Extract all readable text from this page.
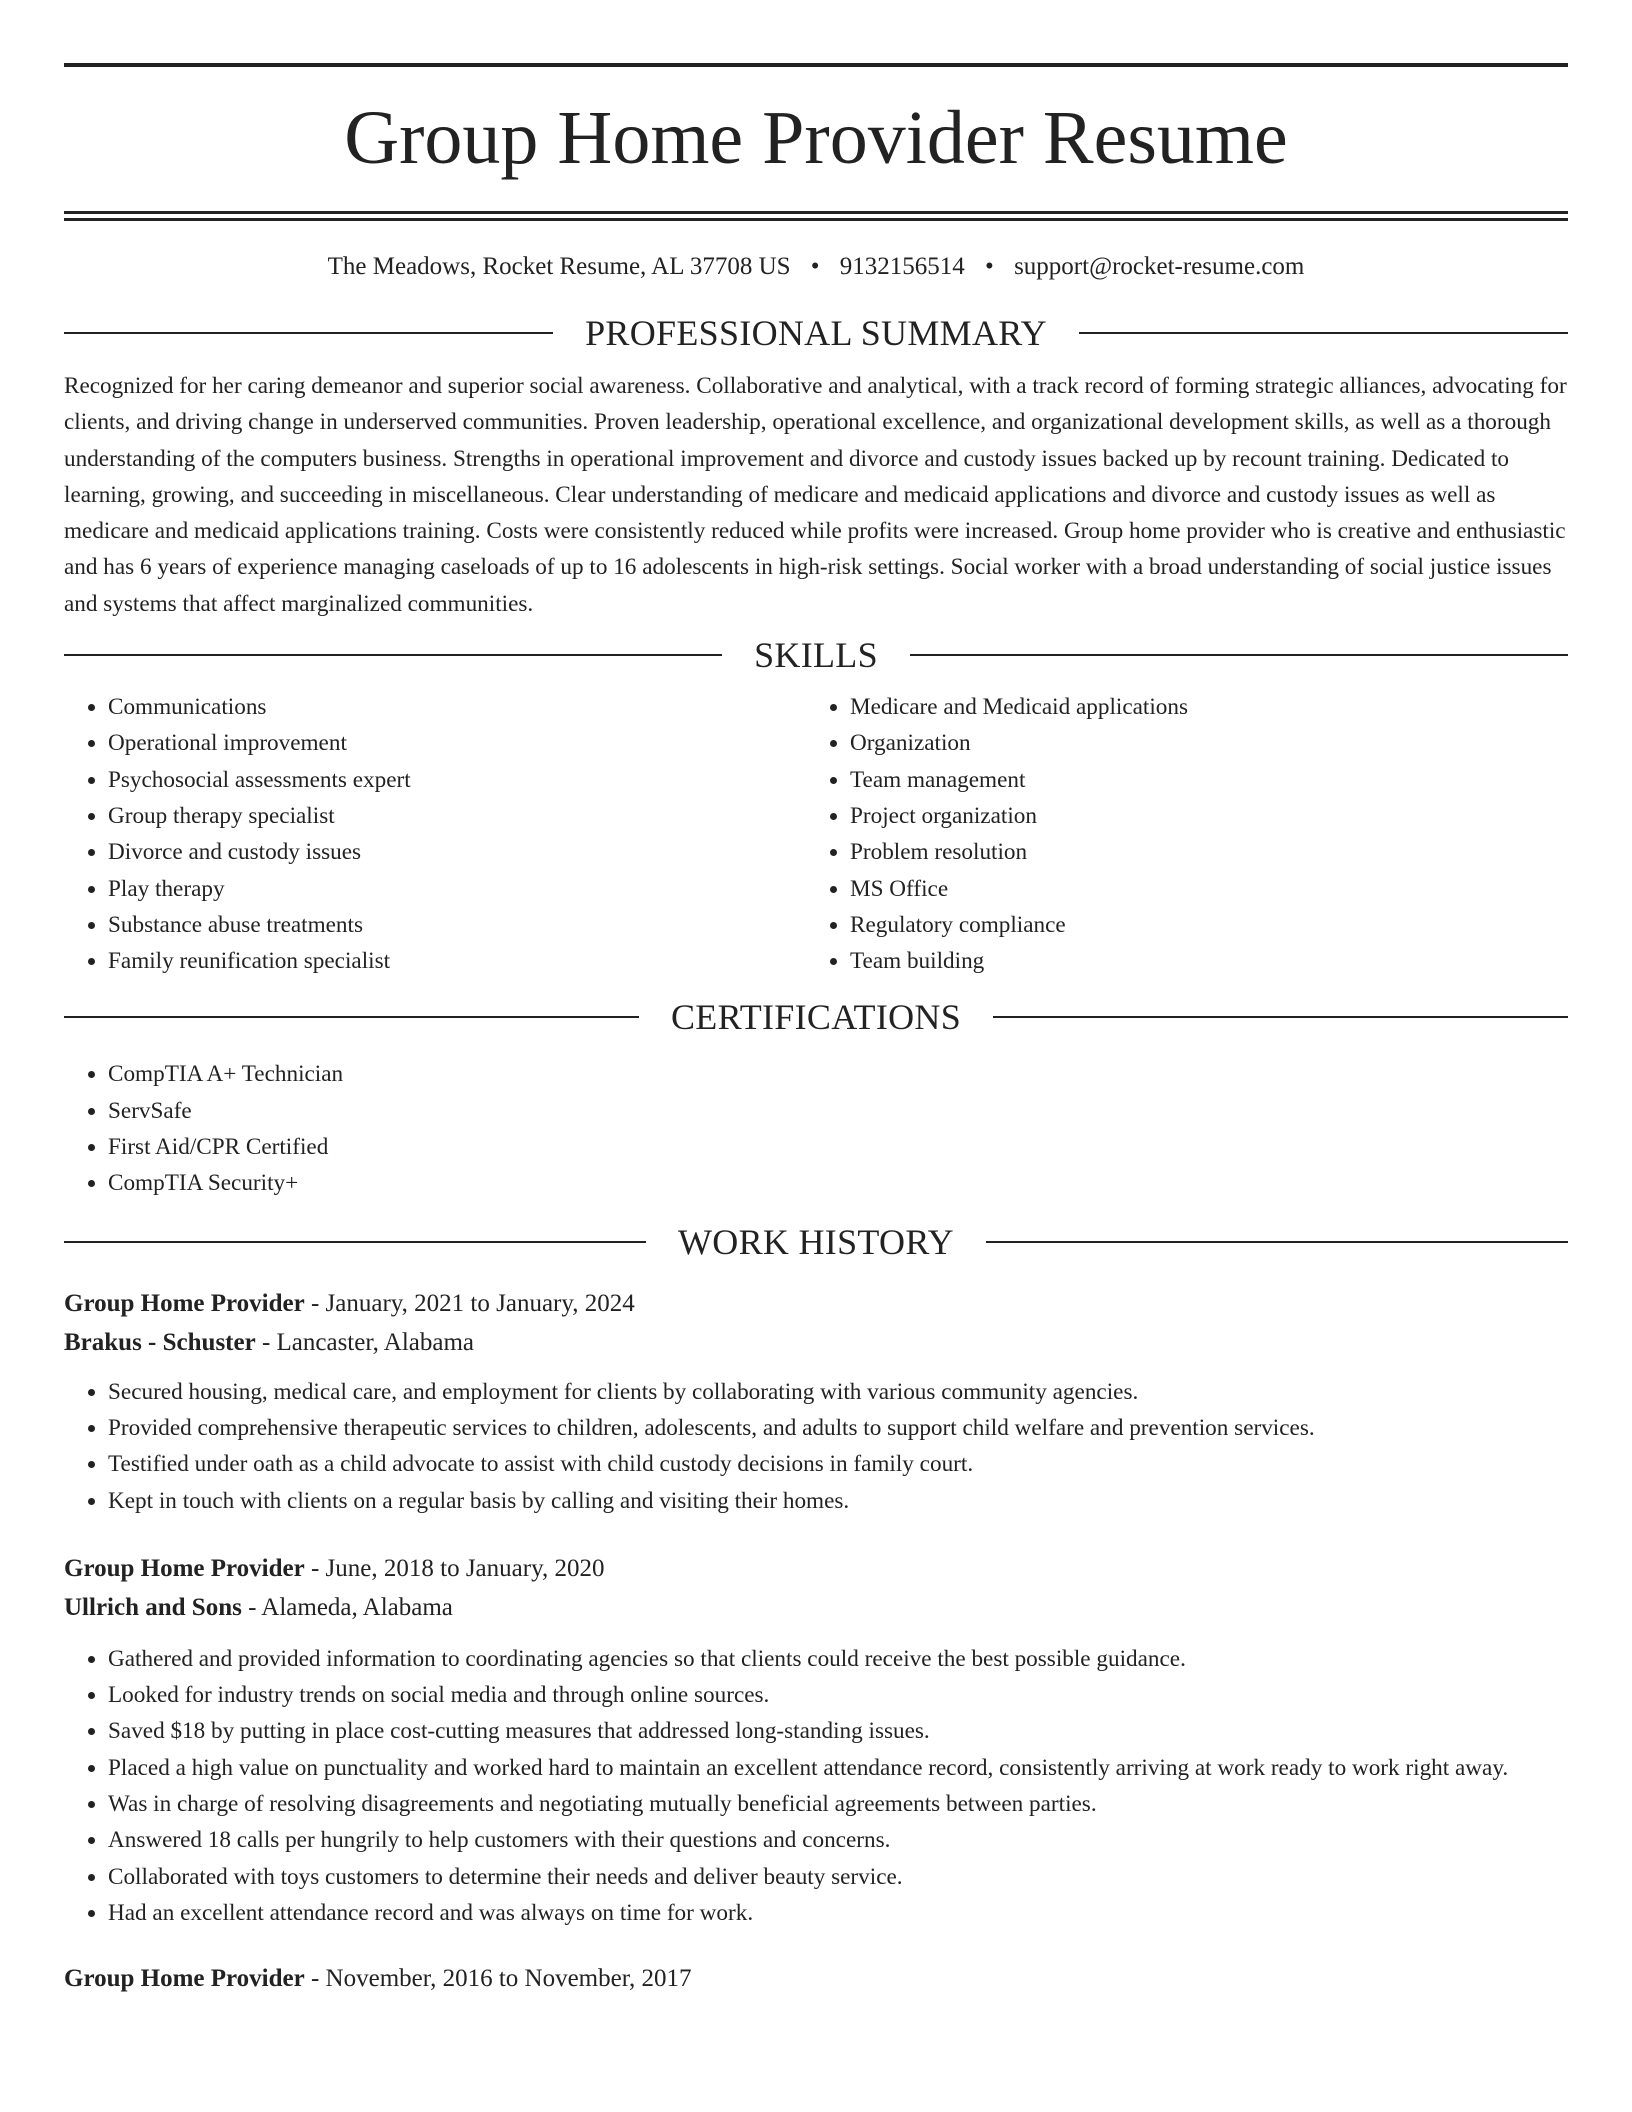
Group Home Provider Resume
The Meadows, Rocket Resume, AL 37708 US • 9132156514 • support@rocket-resume.com
PROFESSIONAL SUMMARY

Recognized for her caring demeanor and superior social awareness. Collaborative and analytical, with a track record of forming strategic alliances, advocating for clients, and driving change in underserved communities. Proven leadership, operational excellence, and organizational development skills, as well as a thorough understanding of the computers business. Strengths in operational improvement and divorce and custody issues backed up by recount training. Dedicated to learning, growing, and succeeding in miscellaneous. Clear understanding of medicare and medicaid applications and divorce and custody issues as well as medicare and medicaid applications training. Costs were consistently reduced while profits were increased. Group home provider who is creative and enthusiastic and has 6 years of experience managing caseloads of up to 16 adolescents in high-risk settings. Social worker with a broad understanding of social justice issues and systems that affect marginalized communities.

SKILLS
• Communications
• Operational improvement
• Psychosocial assessments expert
• Group therapy specialist
• Divorce and custody issues
• Play therapy
• Substance abuse treatments
• Family reunification specialist
• Medicare and Medicaid applications
• Organization
• Team management
• Project organization
• Problem resolution
• MS Office
• Regulatory compliance
• Team building
CERTIFICATIONS
• CompTIA A+ Technician
• ServSafe
• First Aid/CPR Certified
• CompTIA Security+
WORK HISTORY
Group Home Provider - January, 2021 to January, 2024
Brakus - Schuster - Lancaster, Alabama
• Secured housing, medical care, and employment for clients by collaborating with various community agencies.
• Provided comprehensive therapeutic services to children, adolescents, and adults to support child welfare and prevention services.
• Testified under oath as a child advocate to assist with child custody decisions in family court.
• Kept in touch with clients on a regular basis by calling and visiting their homes.
Group Home Provider - June, 2018 to January, 2020
Ullrich and Sons - Alameda, Alabama
• Gathered and provided information to coordinating agencies so that clients could receive the best possible guidance.
• Looked for industry trends on social media and through online sources.
• Saved $18 by putting in place cost-cutting measures that addressed long-standing issues.
• Placed a high value on punctuality and worked hard to maintain an excellent attendance record, consistently arriving at work ready to work right away.
• Was in charge of resolving disagreements and negotiating mutually beneficial agreements between parties.
• Answered 18 calls per hungrily to help customers with their questions and concerns.
• Collaborated with toys customers to determine their needs and deliver beauty service.
• Had an excellent attendance record and was always on time for work.
Group Home Provider - November, 2016 to November, 2017
